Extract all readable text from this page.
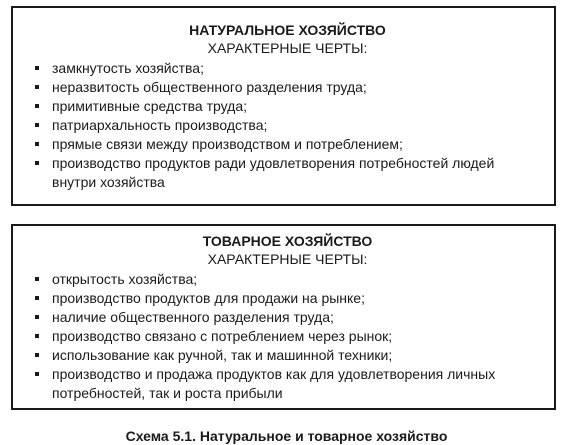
НАТУРАЛЬНОЕ ХОЗЯЙСТВО

ХАРАКТЕРНЫЕ ЧЕРТЫ:

замкнутость хозяйства;
неразвитость общественного разделения труда;
примитивные средства труда;
патриархальность производства;
прямые связи между производством и потреблением;
производство продуктов ради удовлетворения потребностей людей внутри хозяйства

ТОВАРНОЕ ХОЗЯЙСТВО

ХАРАКТЕРНЫЕ ЧЕРТЫ:

открытость хозяйства;
производство продуктов для продажи на рынке;
наличие общественного разделения труда;
производство связано с потреблением через рынок;
использование как ручной, так и машинной техники;
производство и продажа продуктов как для удовлетворения личных потребностей, так и роста прибыли

Схема 5.1. Натуральное и товарное хозяйство
